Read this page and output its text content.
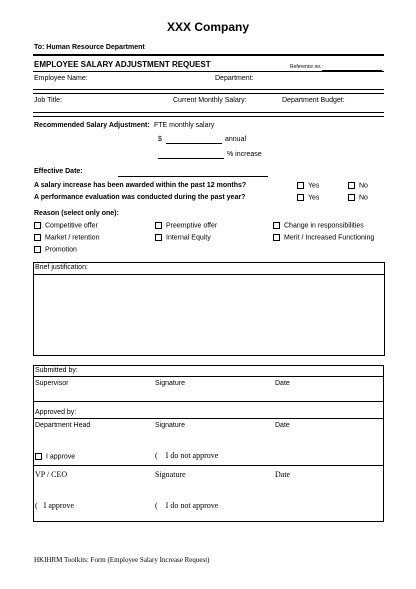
XXX Company
To: Human Resource Department
EMPLOYEE SALARY ADJUSTMENT REQUEST	Reference no.:
Employee Name:	Department:
Job Title:	Current Monthly Salary:	Department Budget:
Recommended Salary Adjustment: FTE monthly salary
$	annual
% increase
Effective Date:
A salary increase has been awarded within the past 12 months?	Yes	No
A performance evaluation was conducted during the past year?	Yes	No
Reason (select only one):
Competitive offer	Preemptive offer	Change in responsibilities
Market / retention	Internal Equity	Merit / Increased Functioning
Promotion
Brief justification:
Submitted by:
Supervisor	Signature	Date
Approved by:
Department Head	Signature	Date
I approve	( I do not approve
VP / CEO	Signature	Date
( I approve	( I do not approve
HKIHRM Toolkits: Form (Employee Salary Increase Request)
